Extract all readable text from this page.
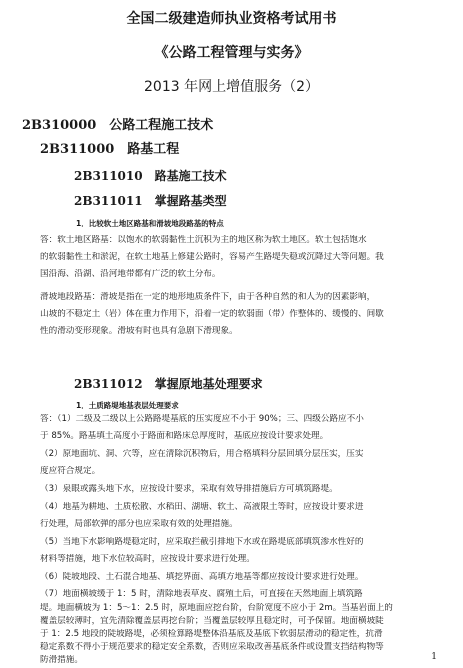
全国二级建造师执业资格考试用书
《公路工程管理与实务》
2013 年网上增值服务（2）
2B310000　公路工程施工技术
2B311000　路基工程
2B311010　路基施工技术
2B311011　掌握路基类型
1．比较软土地区路基和滑坡地段路基的特点
答：软土地区路基：以饱水的软弱黏性土沉积为主的地区称为软土地区。软土包括饱水
的软弱黏性土和淤泥，在软土地基上修建公路时，容易产生路堤失稳或沉降过大等问题。我
国沿海、沿湖、沿河地带都有广泛的软土分布。
滑坡地段路基：滑坡是指在一定的地形地质条件下，由于各种自然的和人为的因素影响，
山坡的不稳定土（岩）体在重力作用下，沿着一定的软弱面（带）作整体的、缓慢的、间歇
性的滑动变形现象。滑坡有时也具有急剧下滑现象。
2B311012　掌握原地基处理要求
1．土质路堤地基表层处理要求
答：（1）二级及二级以上公路路堤基底的压实度应不小于 90%；三、四级公路应不小
于 85%。路基填土高度小于路面和路床总厚度时，基底应按设计要求处理。
（2）原地面坑、洞、穴等，应在清除沉积物后，用合格填料分层回填分层压实，压实
度应符合规定。
（3）泉眼或露头地下水，应按设计要求，采取有效导排措施后方可填筑路堤。
（4）地基为耕地、土质松散、水稻田、湖塘、软土、高液限土等时，应按设计要求进
行处理，局部软弹的部分也应采取有效的处理措施。
（5）当地下水影响路堤稳定时，应采取拦截引排地下水或在路堤底部填筑渗水性好的
材料等措施，地下水位较高时，应按设计要求进行处理。
（6）陡坡地段、土石混合地基、填挖界面、高填方地基等都应按设计要求进行处理。
（7）地面横坡缓于 1：5 时，清除地表草皮、腐殖土后，可直接在天然地面上填筑路
堤。地面横坡为 1：5～1：2.5 时，原地面应挖台阶，台阶宽度不应小于 2m。当基岩面上的
覆盖层较薄时，宜先清除覆盖层再挖台阶；当覆盖层较厚且稳定时，可予保留。地面横坡陡
于 1：2.5 地段的陡坡路堤，必须检算路堤整体沿基底及基底下软弱层滑动的稳定性，抗滑
稳定系数不得小于规范要求的稳定安全系数，否则应采取改善基底条件或设置支挡结构物等
防滑措施。	1
